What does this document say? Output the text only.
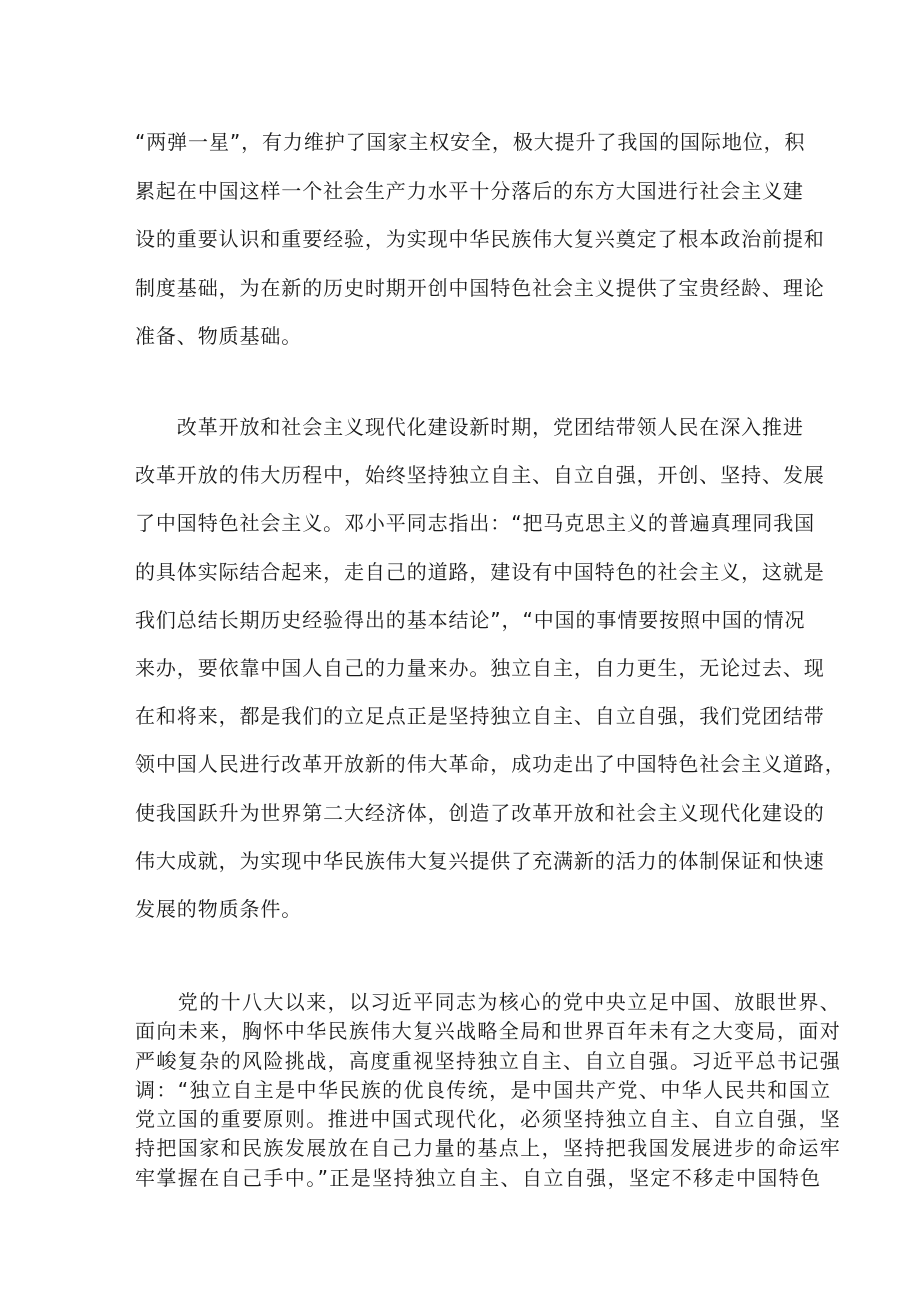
“两弹一星”，有力维护了国家主权安全，极大提升了我国的国际地位，积
累起在中国这样一个社会生产力水平十分落后的东方大国进行社会主义建
设的重要认识和重要经验，为实现中华民族伟大复兴奠定了根本政治前提和
制度基础，为在新的历史时期开创中国特色社会主义提供了宝贵经龄、理论
准备、物质基础。

　　改革开放和社会主义现代化建设新时期，党团结带领人民在深入推进
改革开放的伟大历程中，始终坚持独立自主、自立自强，开创、坚持、发展
了中国特色社会主义。邓小平同志指出：“把马克思主义的普遍真理同我国
的具体实际结合起来，走自己的道路，建设有中国特色的社会主义，这就是
我们总结长期历史经验得出的基本结论”，“中国的事情要按照中国的情况
来办，要依靠中国人自己的力量来办。独立自主，自力更生，无论过去、现
在和将来，都是我们的立足点正是坚持独立自主、自立自强，我们党团结带
领中国人民进行改革开放新的伟大革命，成功走出了中国特色社会主义道路，
使我国跃升为世界第二大经济体，创造了改革开放和社会主义现代化建设的
伟大成就，为实现中华民族伟大复兴提供了充满新的活力的体制保证和快速
发展的物质条件。

　　党的十八大以来，以习近平同志为核心的党中央立足中国、放眼世界、
面向未来，胸怀中华民族伟大复兴战略全局和世界百年未有之大变局，面对
严峻复杂的风险挑战，高度重视坚持独立自主、自立自强。习近平总书记强
调：“独立自主是中华民族的优良传统，是中国共产党、中华人民共和国立
党立国的重要原则。推进中国式现代化，必须坚持独立自主、自立自强，坚
持把国家和民族发展放在自己力量的基点上，坚持把我国发展进步的命运牢
牢掌握在自己手中。”正是坚持独立自主、自立自强，坚定不移走中国特色
